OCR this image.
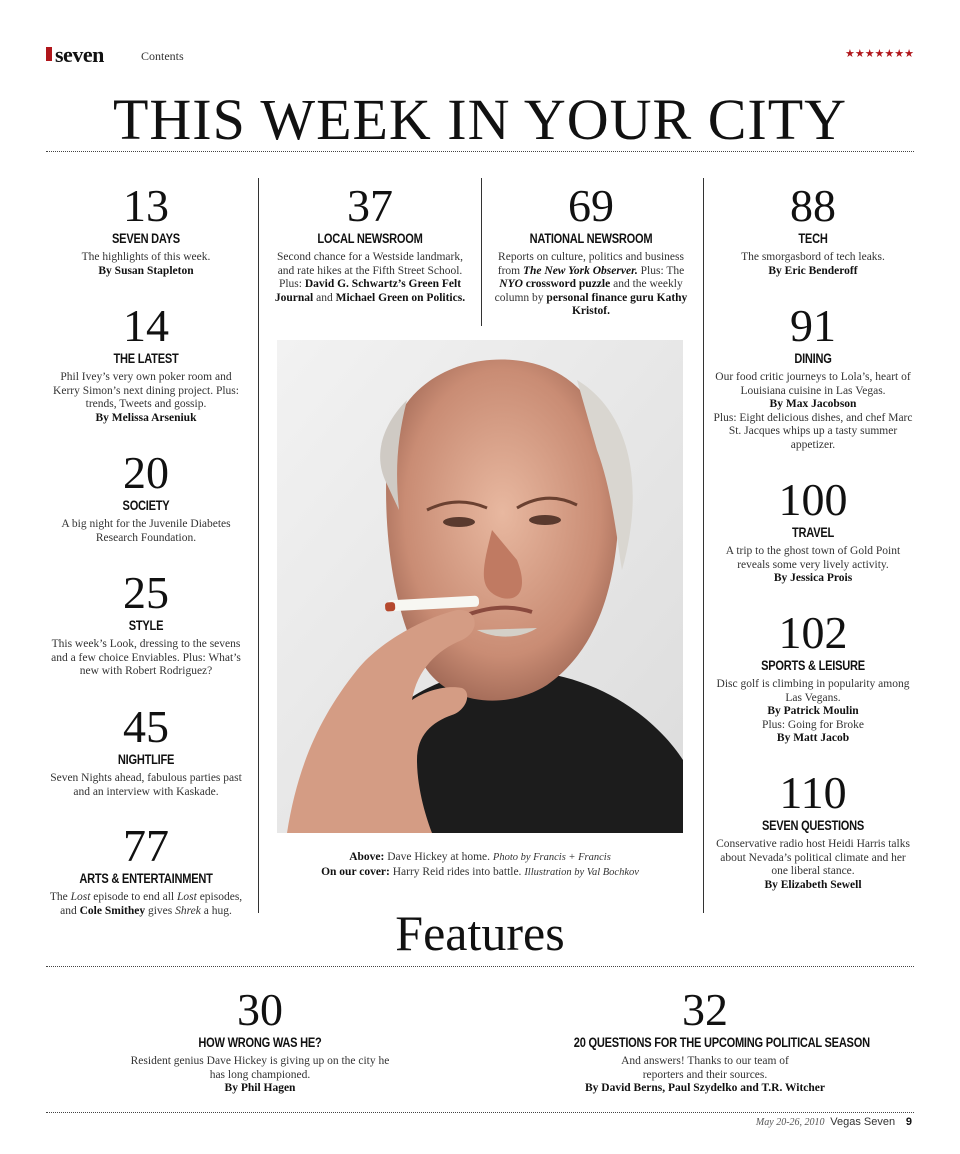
seven	Contents	★★★★★★★
THIS WEEK IN YOUR CITY
13
SEVEN DAYS
The highlights of this week.
By Susan Stapleton
14
THE LATEST
Phil Ivey’s very own poker room and Kerry Simon’s next dining project. Plus: trends, Tweets and gossip.
By Melissa Arseniuk
20
SOCIETY
A big night for the Juvenile Diabetes Research Foundation.
25
STYLE
This week’s Look, dressing to the sevens and a few choice Enviables. Plus: What’s new with Robert Rodriguez?
45
NIGHTLIFE
Seven Nights ahead, fabulous parties past and an interview with Kaskade.
77
ARTS & ENTERTAINMENT
The Lost episode to end all Lost episodes, and Cole Smithey gives Shrek a hug.
37
LOCAL NEWSROOM
Second chance for a Westside landmark, and rate hikes at the Fifth Street School. Plus: David G. Schwartz’s Green Felt Journal and Michael Green on Politics.
69
NATIONAL NEWSROOM
Reports on culture, politics and business from The New York Observer. Plus: The NYO crossword puzzle and the weekly column by personal finance guru Kathy Kristof.
Above: Dave Hickey at home. Photo by Francis + Francis
On our cover: Harry Reid rides into battle. Illustration by Val Bochkov
88
TECH
The smorgasbord of tech leaks.
By Eric Benderoff
91
DINING
Our food critic journeys to Lola’s, heart of Louisiana cuisine in Las Vegas.
By Max Jacobson
Plus: Eight delicious dishes, and chef Marc St. Jacques whips up a tasty summer appetizer.
100
TRAVEL
A trip to the ghost town of Gold Point reveals some very lively activity.
By Jessica Prois
102
SPORTS & LEISURE
Disc golf is climbing in popularity among Las Vegans.
By Patrick Moulin
Plus: Going for Broke
By Matt Jacob
110
SEVEN QUESTIONS
Conservative radio host Heidi Harris talks about Nevada’s political climate and her one liberal stance.
By Elizabeth Sewell
Features
30
HOW WRONG WAS HE?
Resident genius Dave Hickey is giving up on the city he has long championed.
By Phil Hagen
32
20 QUESTIONS FOR THE UPCOMING POLITICAL SEASON
And answers! Thanks to our team of reporters and their sources.
By David Berns, Paul Szydelko and T.R. Witcher
May 20-26, 2010 Vegas Seven 9
